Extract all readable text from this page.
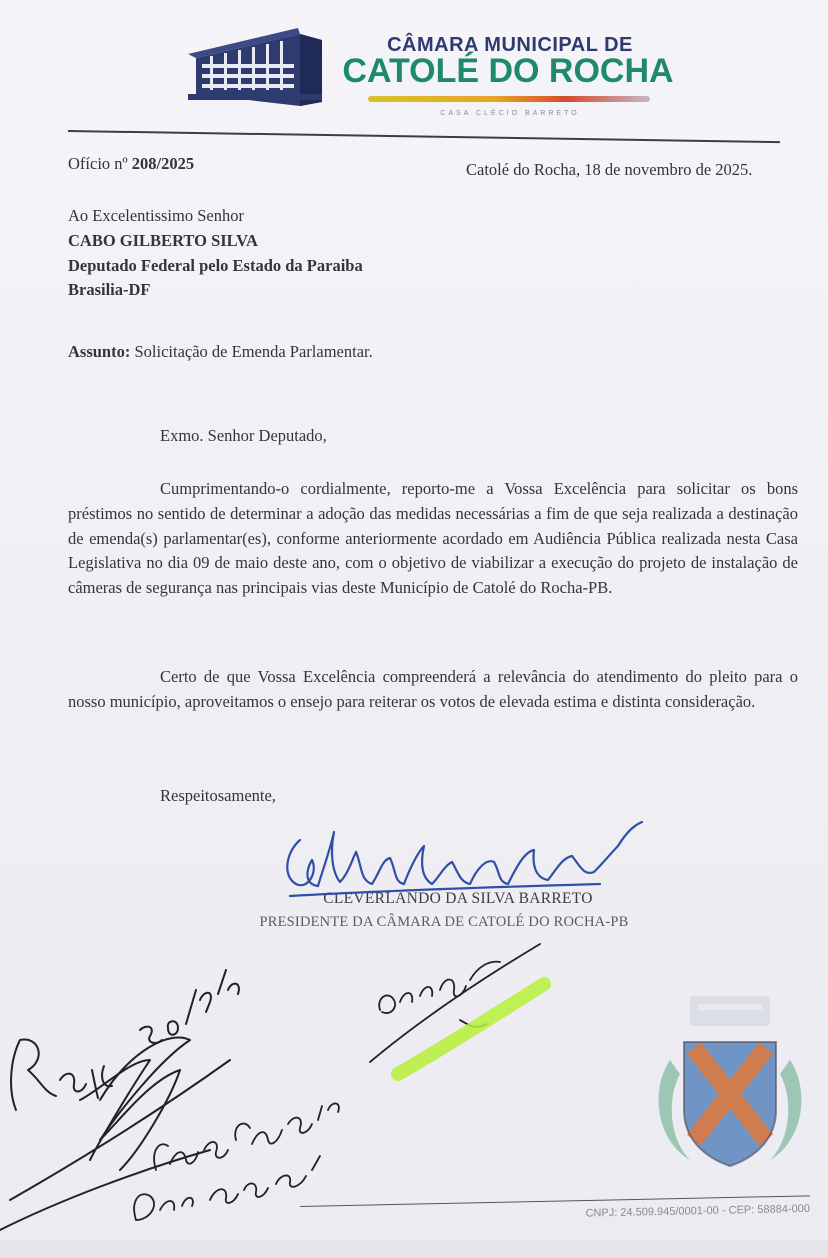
CÂMARA MUNICIPAL DE
CATOLÉ DO ROCHA
CASA CLÉCIO BARRETO
Ofício nº 208/2025	Catolé do Rocha, 18 de novembro de 2025.
Ao Excelentissimo Senhor
CABO GILBERTO SILVA
Deputado Federal pelo Estado da Paraiba
Brasilia-DF
Assunto: Solicitação de Emenda Parlamentar.
Exmo. Senhor Deputado,
Cumprimentando-o cordialmente, reporto-me a Vossa Excelência para solicitar os bons préstimos no sentido de determinar a adoção das medidas necessárias a fim de que seja realizada a destinação de emenda(s) parlamentar(es), conforme anteriormente acordado em Audiência Pública realizada nesta Casa Legislativa no dia 09 de maio deste ano, com o objetivo de viabilizar a execução do projeto de instalação de câmeras de segurança nas principais vias deste Município de Catolé do Rocha-PB.
Certo de que Vossa Excelência compreenderá a relevância do atendimento do pleito para o nosso município, aproveitamos o ensejo para reiterar os votos de elevada estima e distinta consideração.
Respeitosamente,
CLEVERLANDO DA SILVA BARRETO
PRESIDENTE DA CÂMARA DE CATOLÉ DO ROCHA-PB
CNPJ: 24.509.945/0001-00 - CEP: 58884-000
